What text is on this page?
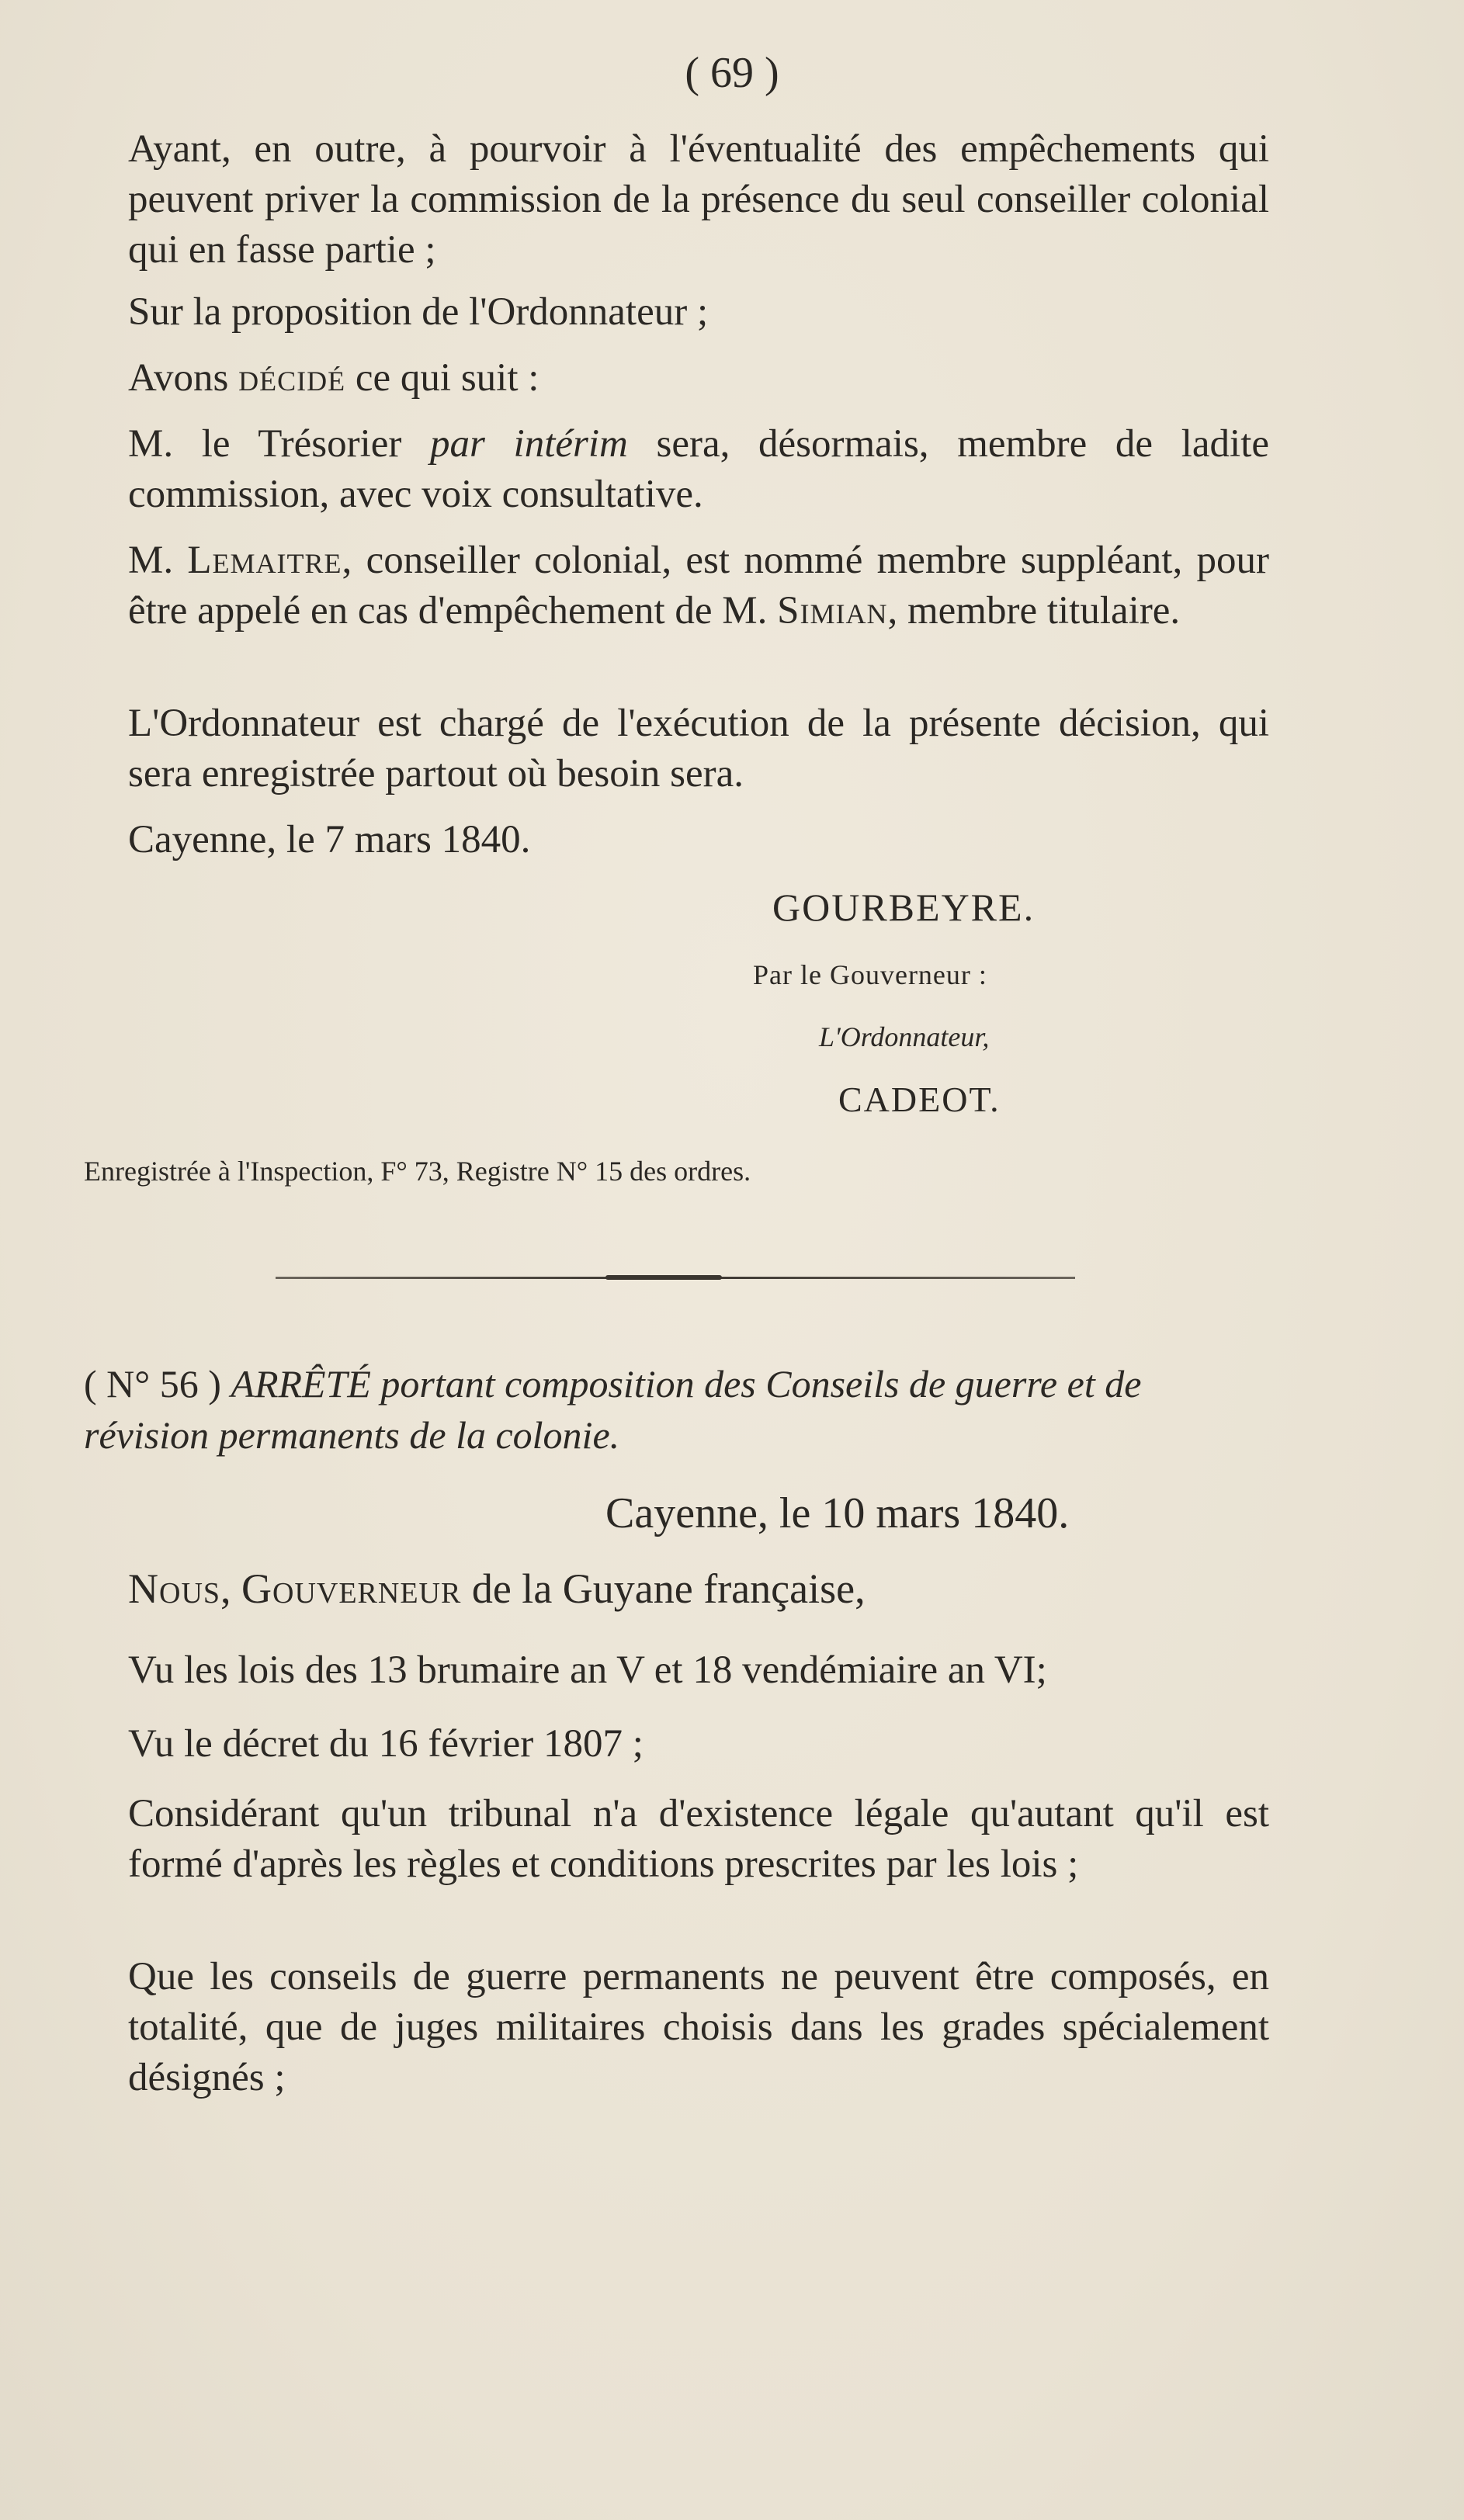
( 69 )

Ayant, en outre, à pourvoir à l'éventualité des empêchements qui peuvent priver la commission de la présence du seul conseiller colonial qui en fasse partie ;

Sur la proposition de l'Ordonnateur ;

Avons décidé ce qui suit :

M. le Trésorier par intérim sera, désormais, membre de ladite commission, avec voix consultative.

M. Lemaitre, conseiller colonial, est nommé membre suppléant, pour être appelé en cas d'empêchement de M. Simian, membre titulaire.

L'Ordonnateur est chargé de l'exécution de la présente décision, qui sera enregistrée partout où besoin sera.

Cayenne, le 7 mars 1840.

GOURBEYRE.
Par le Gouverneur :
L'Ordonnateur,
CADEOT.
Enregistrée à l'Inspection, F° 73, Registre N° 15 des ordres.
( N° 56 ) ARRÊTÉ portant composition des Conseils de guerre et de révision permanents de la colonie.
Cayenne, le 10 mars 1840.

Nous, Gouverneur de la Guyane française,

Vu les lois des 13 brumaire an V et 18 vendémiaire an VI;

Vu le décret du 16 février 1807 ;

Considérant qu'un tribunal n'a d'existence légale qu'autant qu'il est formé d'après les règles et conditions prescrites par les lois ;

Que les conseils de guerre permanents ne peuvent être composés, en totalité, que de juges militaires choisis dans les grades spécialement désignés ;
